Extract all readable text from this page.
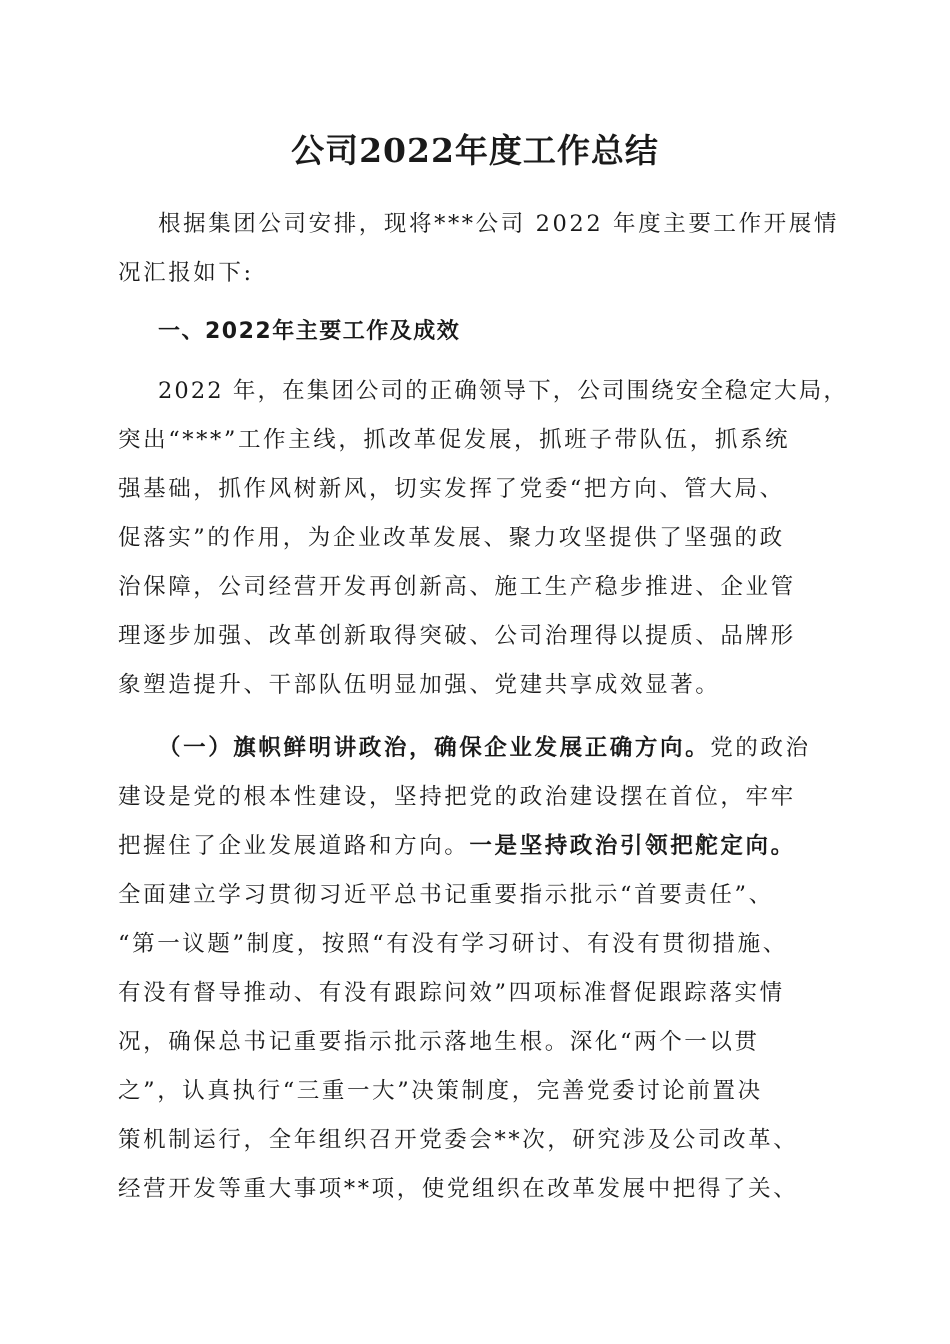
公司2022年度工作总结
根据集团公司安排，现将***公司 2022 年度主要工作开展情
况汇报如下:
一、2022年主要工作及成效
2022 年，在集团公司的正确领导下，公司围绕安全稳定大局，
突出“***”工作主线，抓改革促发展，抓班子带队伍，抓系统
强基础，抓作风树新风，切实发挥了党委“把方向、管大局、
促落实”的作用，为企业改革发展、聚力攻坚提供了坚强的政
治保障，公司经营开发再创新高、施工生产稳步推进、企业管
理逐步加强、改革创新取得突破、公司治理得以提质、品牌形
象塑造提升、干部队伍明显加强、党建共享成效显著。
（一）旗帜鲜明讲政治，确保企业发展正确方向。党的政治
建设是党的根本性建设，坚持把党的政治建设摆在首位，牢牢
把握住了企业发展道路和方向。一是坚持政治引领把舵定向。
全面建立学习贯彻习近平总书记重要指示批示“首要责任”、
“第一议题”制度，按照“有没有学习研讨、有没有贯彻措施、
有没有督导推动、有没有跟踪问效”四项标准督促跟踪落实情
况，确保总书记重要指示批示落地生根。深化“两个一以贯
之”，认真执行“三重一大”决策制度，完善党委讨论前置决
策机制运行，全年组织召开党委会**次，研究涉及公司改革、
经营开发等重大事项**项，使党组织在改革发展中把得了关、
